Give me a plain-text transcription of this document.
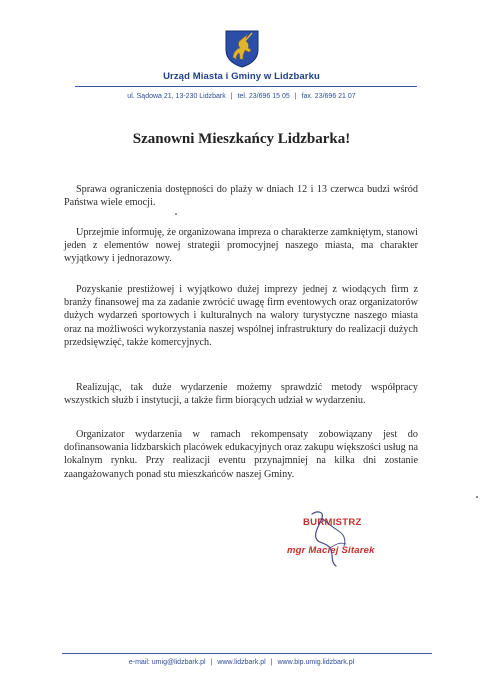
Urząd Miasta i Gminy w Lidzbarku
ul. Sądowa 21, 13-230 Lidzbark | tel. 23/696 15 05 | fax. 23/696 21 07
Szanowni Mieszkańcy Lidzbarka!

Sprawa ograniczenia dostępności do plaży w dniach 12 i 13 czerwca budzi wśród Państwa wiele emocji.

Uprzejmie informuję, że organizowana impreza o charakterze zamkniętym, stanowi jeden z elementów nowej strategii promocyjnej naszego miasta, ma charakter wyjątkowy i jednorazowy.

Pozyskanie prestiżowej i wyjątkowo dużej imprezy jednej z wiodących firm z branży finansowej ma za zadanie zwrócić uwagę firm eventowych oraz organizatorów dużych wydarzeń sportowych i kulturalnych na walory turystyczne naszego miasta oraz na możliwości wykorzystania naszej wspólnej infrastruktury do realizacji dużych przedsięwzięć, także komercyjnych.

Realizując, tak duże wydarzenie możemy sprawdzić metody współpracy wszystkich służb i instytucji, a także firm biorących udział w wydarzeniu.

Organizator wydarzenia w ramach rekompensaty zobowiązany jest do dofinansowania lidzbarskich placówek edukacyjnych oraz zakupu większości usług na lokalnym rynku. Przy realizacji eventu przynajmniej na kilka dni zostanie zaangażowanych ponad stu mieszkańców naszej Gminy.

BURMISTRZ
mgr Maciej Sitarek
e-mail: umig@lidzbark.pl | www.lidzbark.pl | www.bip.umig.lidzbark.pl
